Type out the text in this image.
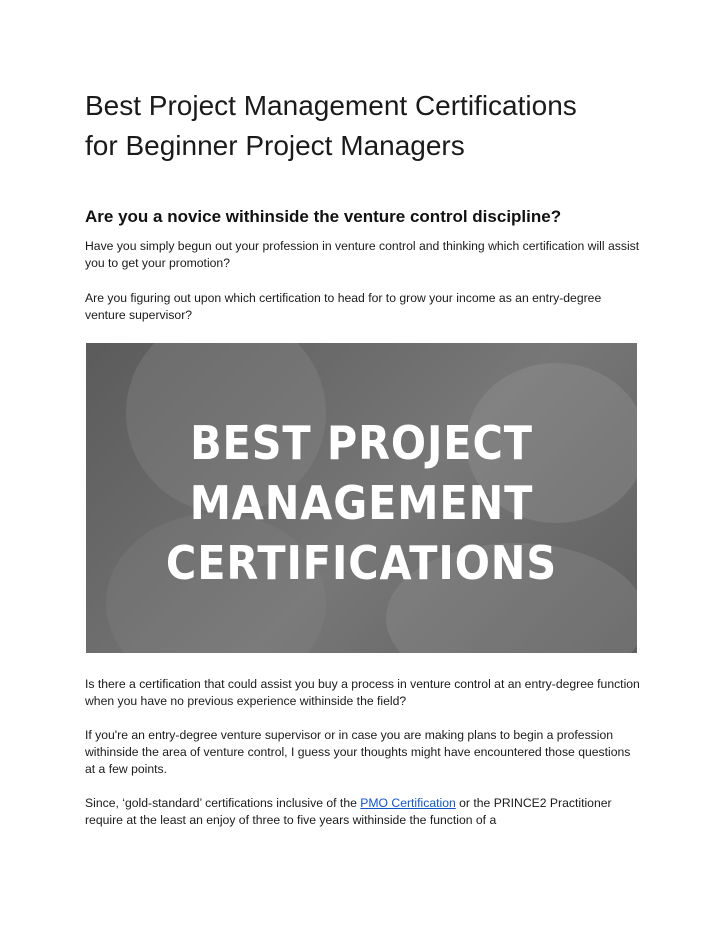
Best Project Management Certifications
for Beginner Project Managers
Are you a novice withinside the venture control discipline?

Have you simply begun out your profession in venture control and thinking which certification will assist you to get your promotion?

Are you figuring out upon which certification to head for to grow your income as an entry-degree venture supervisor?

Is there a certification that could assist you buy a process in venture control at an entry-degree function when you have no previous experience withinside the field?

If you're an entry-degree venture supervisor or in case you are making plans to begin a profession withinside the area of venture control, I guess your thoughts might have encountered those questions at a few points.

Since, ‘gold-standard’ certifications inclusive of the PMO Certification or the PRINCE2 Practitioner require at the least an enjoy of three to five years withinside the function of a

BEST PROJECT
MANAGEMENT
CERTIFICATIONS
